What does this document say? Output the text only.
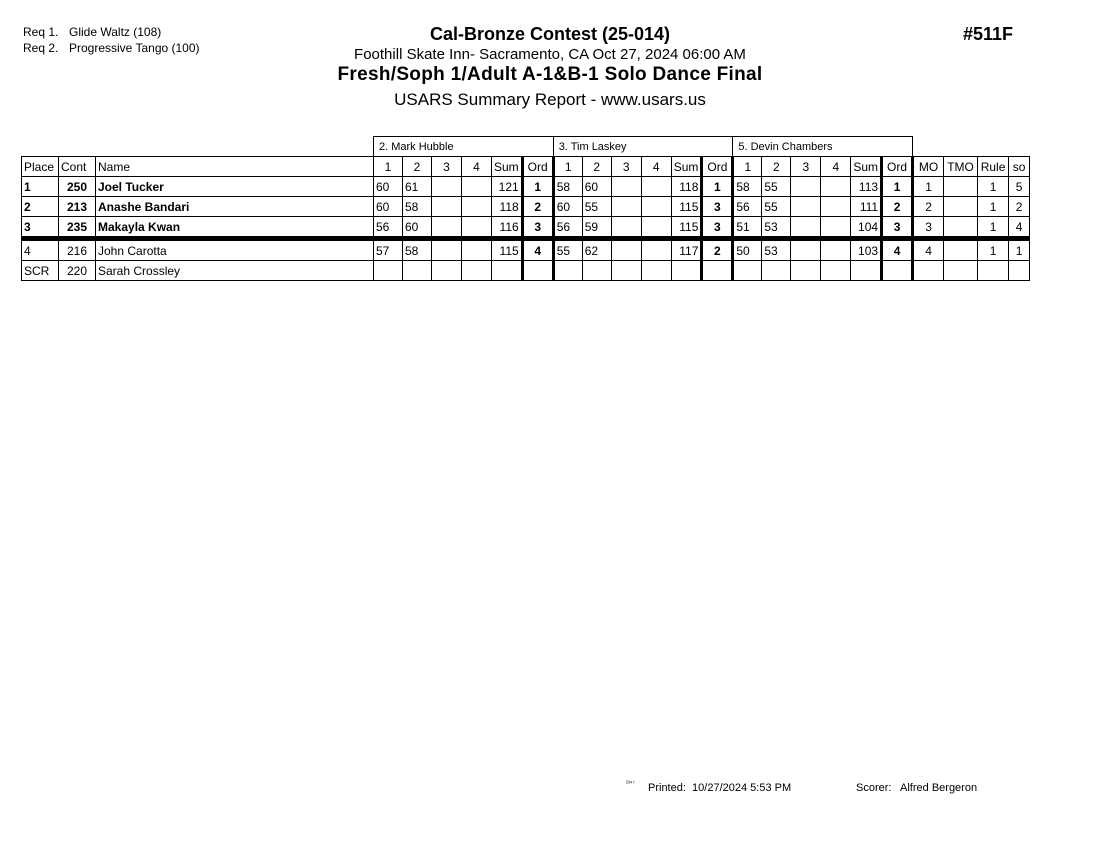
Req 1. Glide Waltz (108)
Req 2. Progressive Tango (100)
Cal-Bronze Contest (25-014)
Foothill Skate Inn- Sacramento, CA Oct 27, 2024 06:00 AM
Fresh/Soph 1/Adult A-1&B-1 Solo Dance Final
USARS Summary Report - www.usars.us
#511F
			2. Mark Hubble						3. Tim Laskey						5. Devin Chambers									
Place	Cont	Name	1	2	3	4	Sum	Ord	1	2	3	4	Sum	Ord	1	2	3	4	Sum	Ord	MO	TMO	Rule	so
1	250	Joel Tucker	60	61			121	1	58	60			118	1	58	55			113	1	1		1	5
2	213	Anashe Bandari	60	58			118	2	60	55			115	3	56	55			111	2	2		1	2
3	235	Makayla Kwan	56	60			116	3	56	59			115	3	51	53			104	3	3		1	4
4	216	John Carotta	57	58			115	4	55	62			117	2	50	53			103	4	4		1	1
SCR	220	Sarah Crossley																						
²³⁴⁷ Printed: 10/27/2024 5:53 PM	Scorer: Alfred Bergeron
